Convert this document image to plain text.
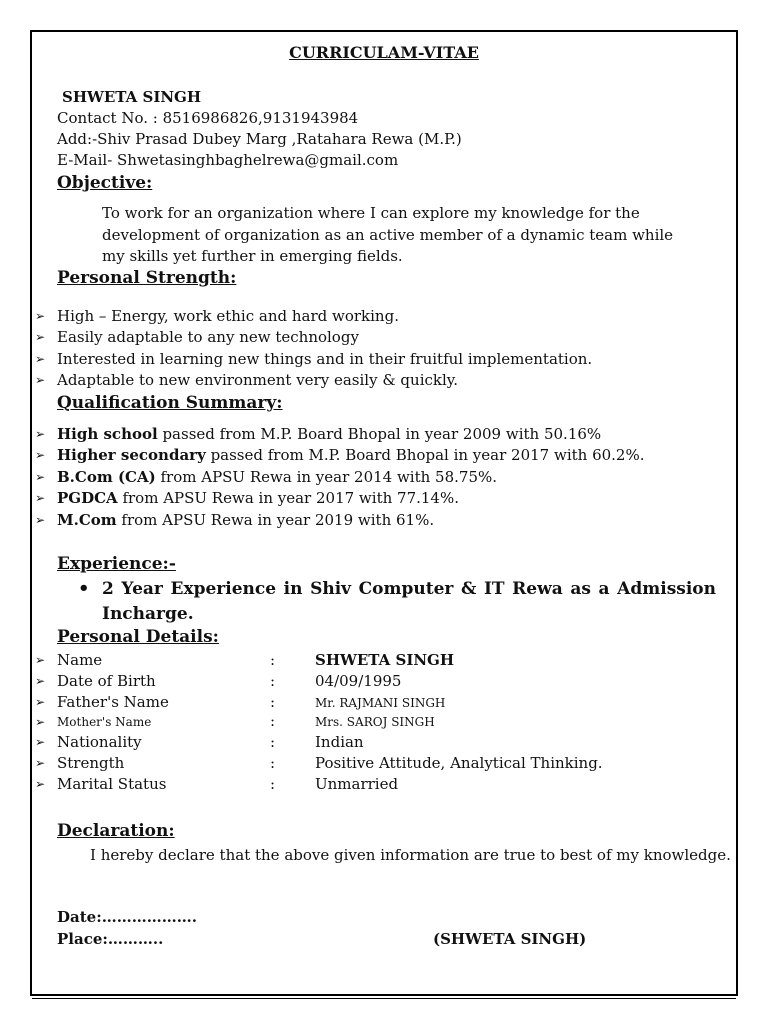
CURRICULAM-VITAE
SHWETA SINGH
Contact No. : 8516986826,9131943984
Add:-Shiv Prasad Dubey Marg ,Ratahara Rewa (M.P.)
E-Mail- Shwetasinghbaghelrewa@gmail.com
Objective:
To work for an organization where I can explore my knowledge for the
development of organization as an active member of a dynamic team while
my skills yet further in emerging fields.
Personal Strength:
➢ High – Energy, work ethic and hard working.
➢ Easily adaptable to any new technology
➢ Interested in learning new things and in their fruitful implementation.
➢ Adaptable to new environment very easily & quickly.
Qualification Summary:
➢ High school passed from M.P. Board Bhopal in year 2009 with 50.16%
➢ Higher secondary passed from M.P. Board Bhopal in year 2017 with 60.2%.
➢ B.Com (CA) from APSU Rewa in year 2014 with 58.75%.
➢ PGDCA from APSU Rewa in year 2017 with 77.14%.
➢ M.Com from APSU Rewa in year 2019 with 61%.
Experience:-
• 2 Year Experience in Shiv Computer & IT Rewa as a Admission
Incharge.
Personal Details:
➢ Name	:	SHWETA SINGH
➢ Date of Birth	:	04/09/1995
➢ Father's Name	:	Mr. RAJMANI SINGH
➢ Mother's Name	:	Mrs. SAROJ SINGH
➢ Nationality	:	Indian
➢ Strength	:	Positive Attitude, Analytical Thinking.
➢ Marital Status	:	Unmarried
Declaration:
I hereby declare that the above given information are true to best of my knowledge.
Date:……………….
Place:………..	(SHWETA SINGH)
